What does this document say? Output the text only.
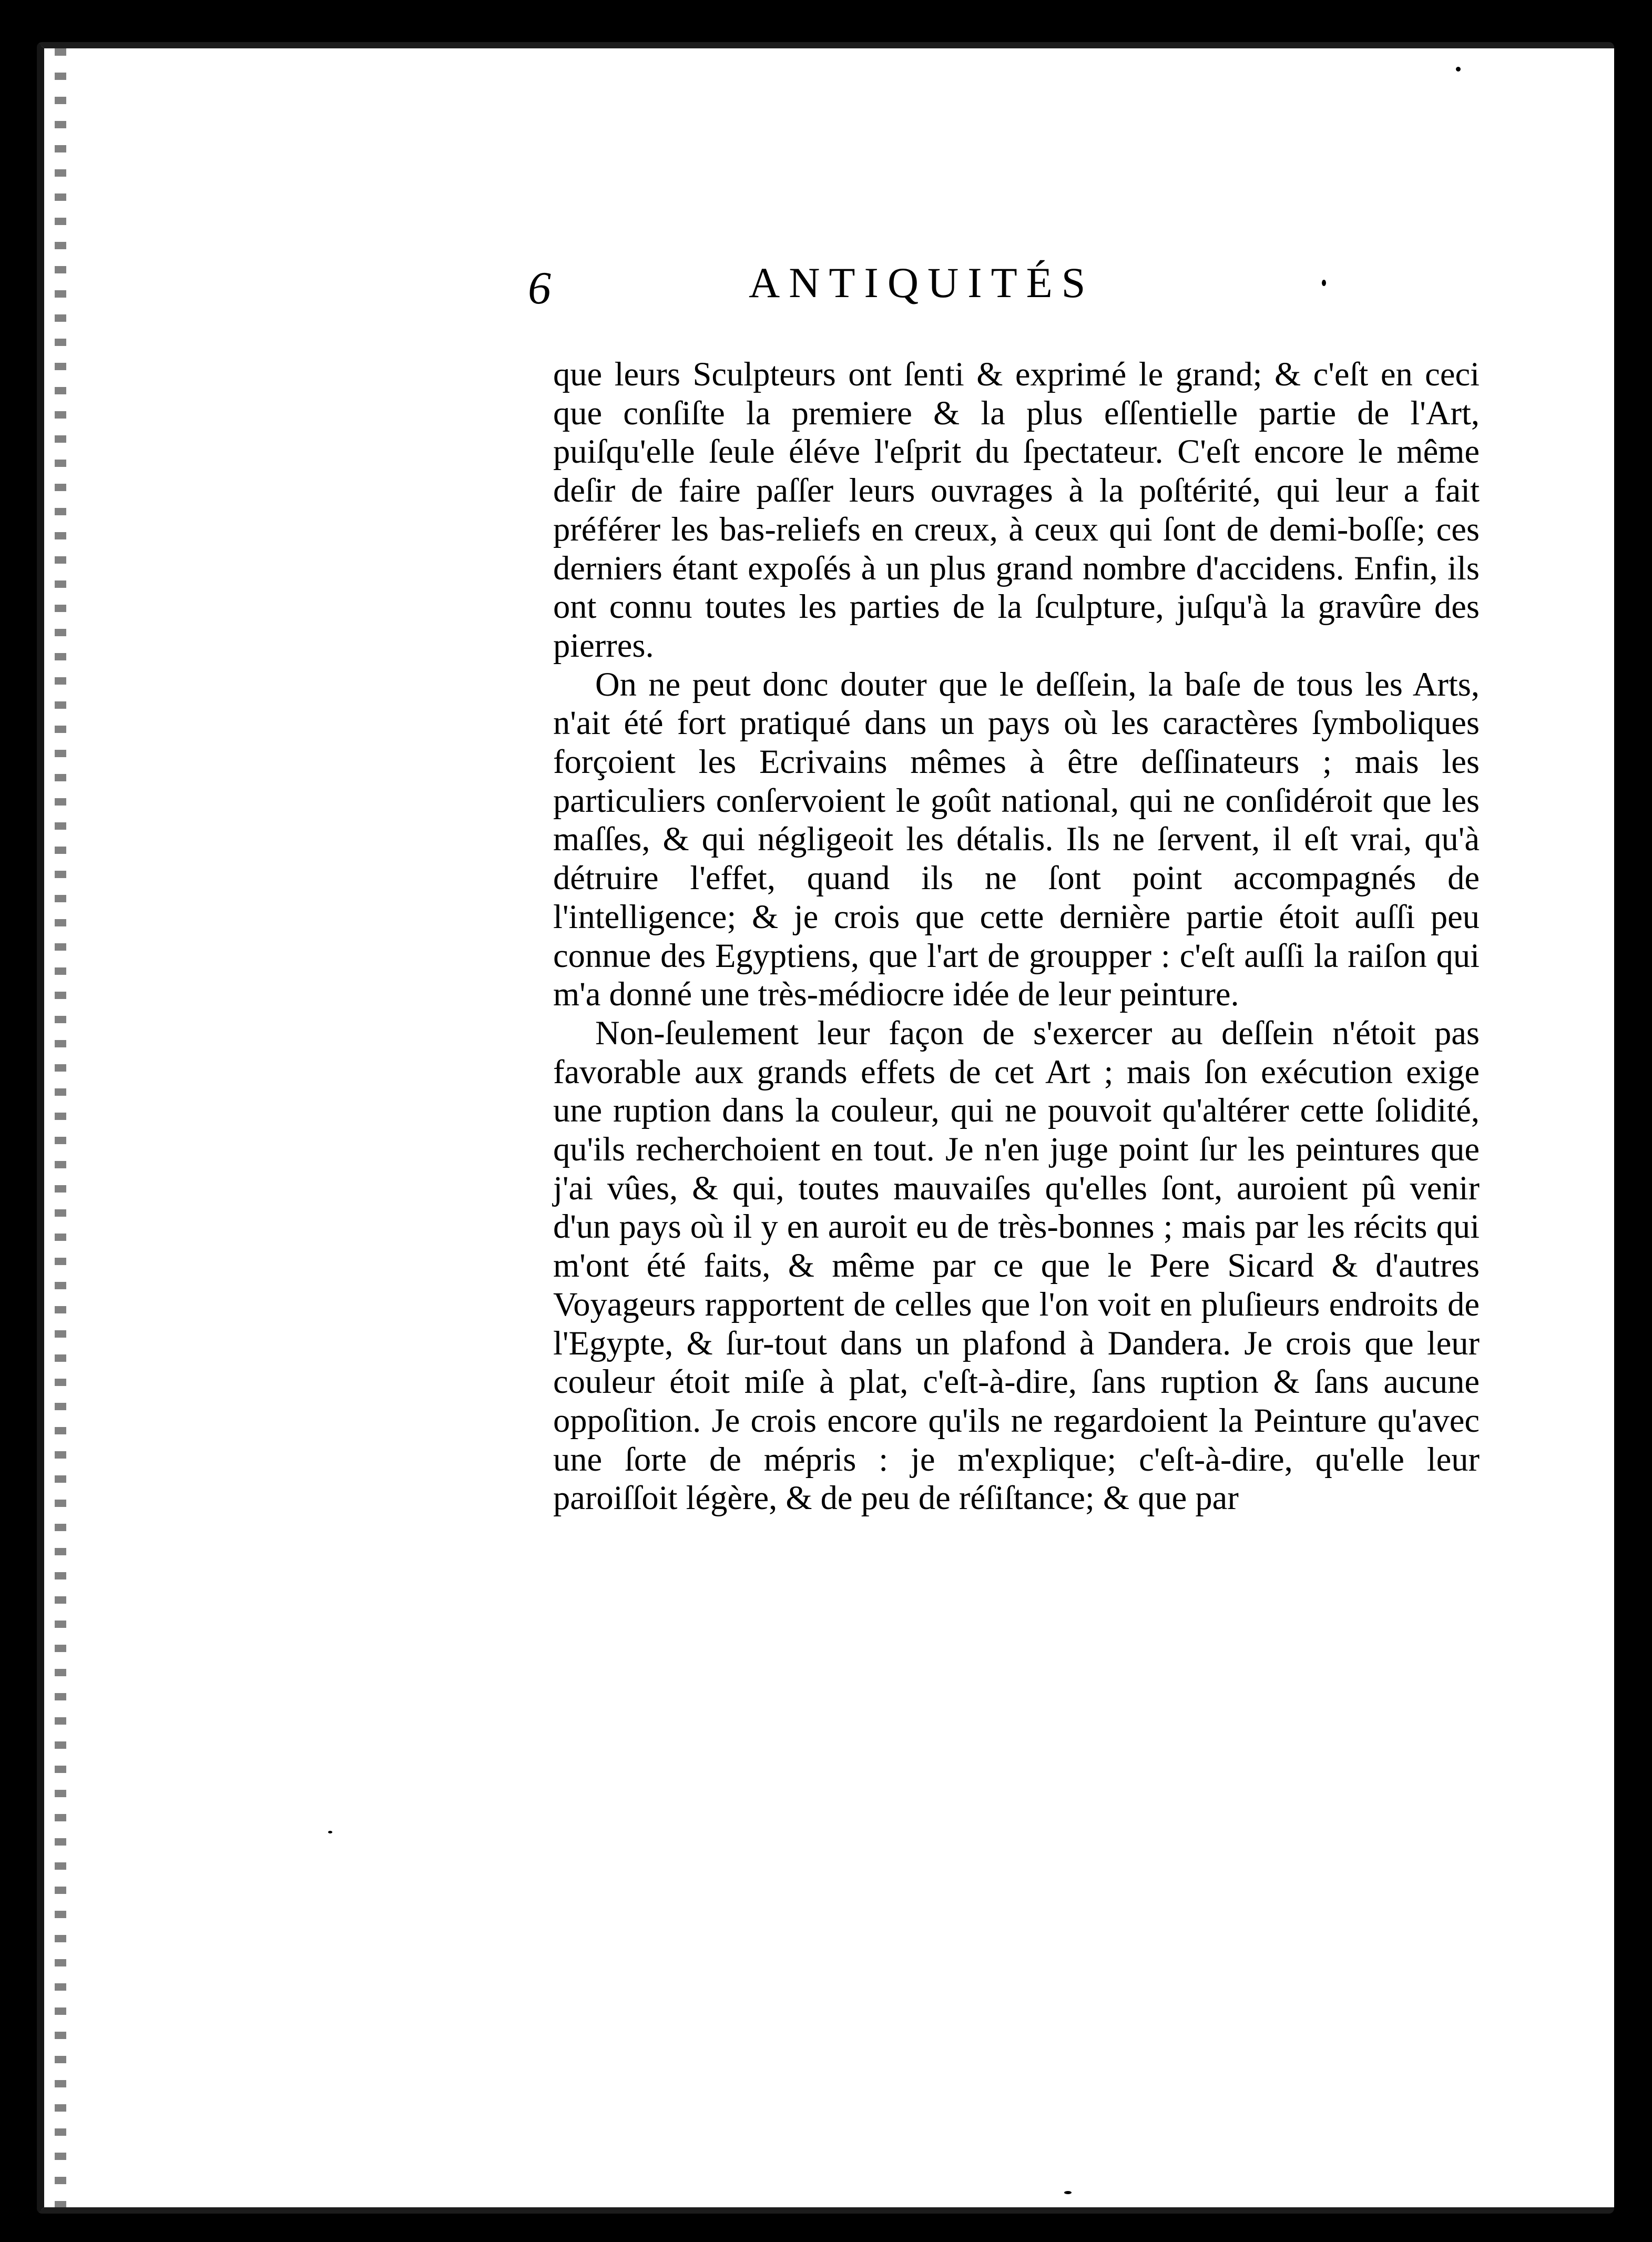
6	ANTIQUITÉS

que leurs Sculpteurs ont ſenti & exprimé le grand; & c'eſt en ceci que conſiſte la premiere & la plus eſſentielle partie de l'Art, puiſqu'elle ſeule éléve l'eſprit du ſpectateur. C'eſt encore le même deſir de faire paſſer leurs ouvrages à la poſtérité, qui leur a fait préférer les bas-reliefs en creux, à ceux qui ſont de demi-boſſe; ces derniers étant expoſés à un plus grand nombre d'accidens. Enfin, ils ont connu toutes les parties de la ſculpture, juſqu'à la gravûre des pierres.

On ne peut donc douter que le deſſein, la baſe de tous les Arts, n'ait été fort pratiqué dans un pays où les caractères ſymboliques forçoient les Ecrivains mêmes à être deſſinateurs ; mais les particuliers conſervoient le goût national, qui ne conſidéroit que les maſſes, & qui négligeoit les détalis. Ils ne ſervent, il eſt vrai, qu'à détruire l'effet, quand ils ne ſont point accompagnés de l'intelligence; & je crois que cette dernière partie étoit auſſi peu connue des Egyptiens, que l'art de groupper : c'eſt auſſi la raiſon qui m'a donné une très-médiocre idée de leur peinture.

Non-ſeulement leur façon de s'exercer au deſſein n'étoit pas favorable aux grands effets de cet Art ; mais ſon exécution exige une ruption dans la couleur, qui ne pouvoit qu'altérer cette ſolidité, qu'ils recherchoient en tout. Je n'en juge point ſur les peintures que j'ai vûes, & qui, toutes mauvaiſes qu'elles ſont, auroient pû venir d'un pays où il y en auroit eu de très-bonnes ; mais par les récits qui m'ont été faits, & même par ce que le Pere Sicard & d'autres Voyageurs rapportent de celles que l'on voit en pluſieurs endroits de l'Egypte, & ſur-tout dans un plafond à Dandera. Je crois que leur couleur étoit miſe à plat, c'eſt-à-dire, ſans ruption & ſans aucune oppoſition. Je crois encore qu'ils ne regardoient la Peinture qu'avec une ſorte de mépris : je m'explique; c'eſt-à-dire, qu'elle leur paroiſſoit légère, & de peu de réſiſtance; & que par
